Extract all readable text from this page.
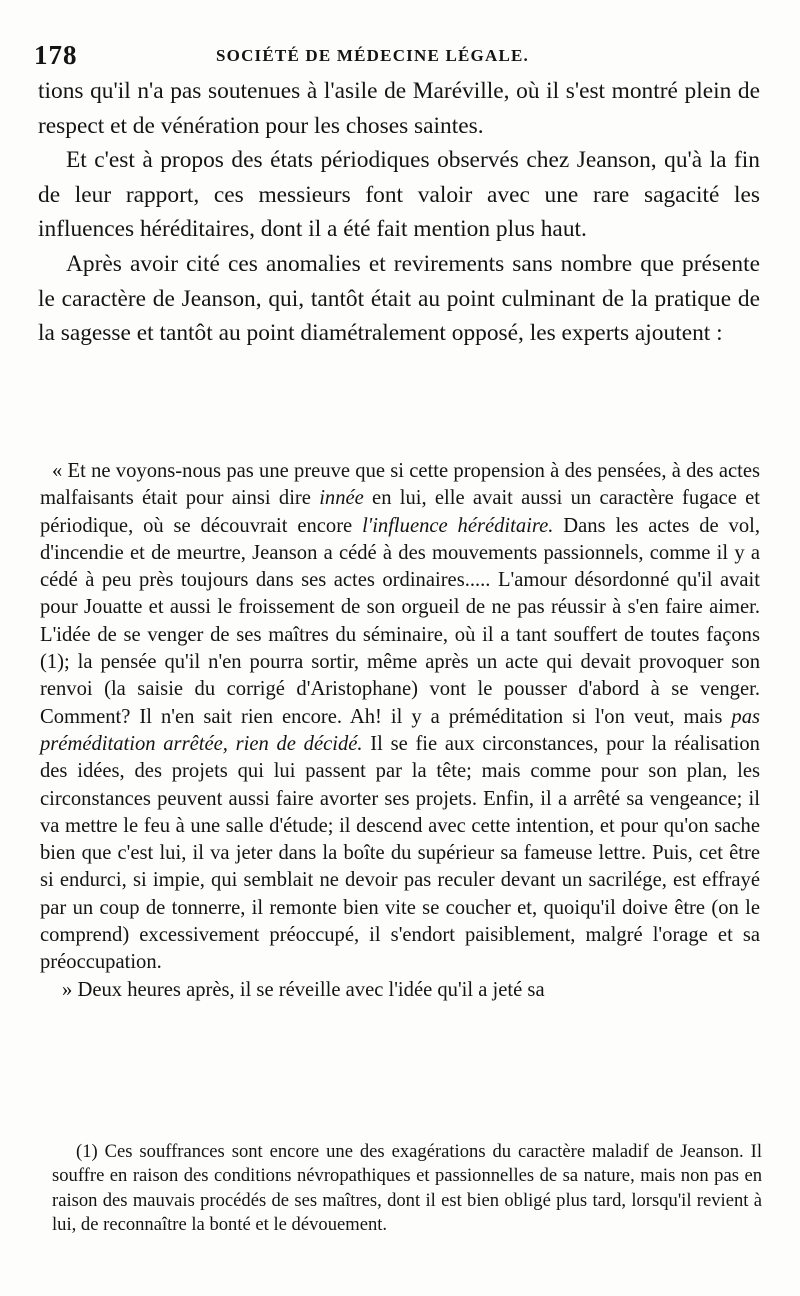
178	SOCIÉTÉ DE MÉDECINE LÉGALE.

tions qu'il n'a pas soutenues à l'asile de Maréville, où il s'est montré plein de respect et de vénération pour les choses saintes.

Et c'est à propos des états périodiques observés chez Jeanson, qu'à la fin de leur rapport, ces messieurs font valoir avec une rare sagacité les influences héréditaires, dont il a été fait mention plus haut.

Après avoir cité ces anomalies et revirements sans nombre que présente le caractère de Jeanson, qui, tantôt était au point culminant de la pratique de la sagesse et tantôt au point diamétralement opposé, les experts ajoutent :

« Et ne voyons-nous pas une preuve que si cette propension à des pensées, à des actes malfaisants était pour ainsi dire innée en lui, elle avait aussi un caractère fugace et périodique, où se découvrait encore l'influence héréditaire. Dans les actes de vol, d'incendie et de meurtre, Jeanson a cédé à des mouvements passionnels, comme il y a cédé à peu près toujours dans ses actes ordinaires..... L'amour désordonné qu'il avait pour Jouatte et aussi le froissement de son orgueil de ne pas réussir à s'en faire aimer. L'idée de se venger de ses maîtres du séminaire, où il a tant souffert de toutes façons (1); la pensée qu'il n'en pourra sortir, même après un acte qui devait provoquer son renvoi (la saisie du corrigé d'Aristophane) vont le pousser d'abord à se venger. Comment? Il n'en sait rien encore. Ah! il y a préméditation si l'on veut, mais pas préméditation arrêtée, rien de décidé. Il se fie aux circonstances, pour la réalisation des idées, des projets qui lui passent par la tête; mais comme pour son plan, les circonstances peuvent aussi faire avorter ses projets. Enfin, il a arrêté sa vengeance; il va mettre le feu à une salle d'étude; il descend avec cette intention, et pour qu'on sache bien que c'est lui, il va jeter dans la boîte du supérieur sa fameuse lettre. Puis, cet être si endurci, si impie, qui semblait ne devoir pas reculer devant un sacrilége, est effrayé par un coup de tonnerre, il remonte bien vite se coucher et, quoiqu'il doive être (on le comprend) excessivement préoccupé, il s'endort paisiblement, malgré l'orage et sa préoccupation.

» Deux heures après, il se réveille avec l'idée qu'il a jeté sa

(1) Ces souffrances sont encore une des exagérations du caractère maladif de Jeanson. Il souffre en raison des conditions névropathiques et passionnelles de sa nature, mais non pas en raison des mauvais procédés de ses maîtres, dont il est bien obligé plus tard, lorsqu'il revient à lui, de reconnaître la bonté et le dévouement.
